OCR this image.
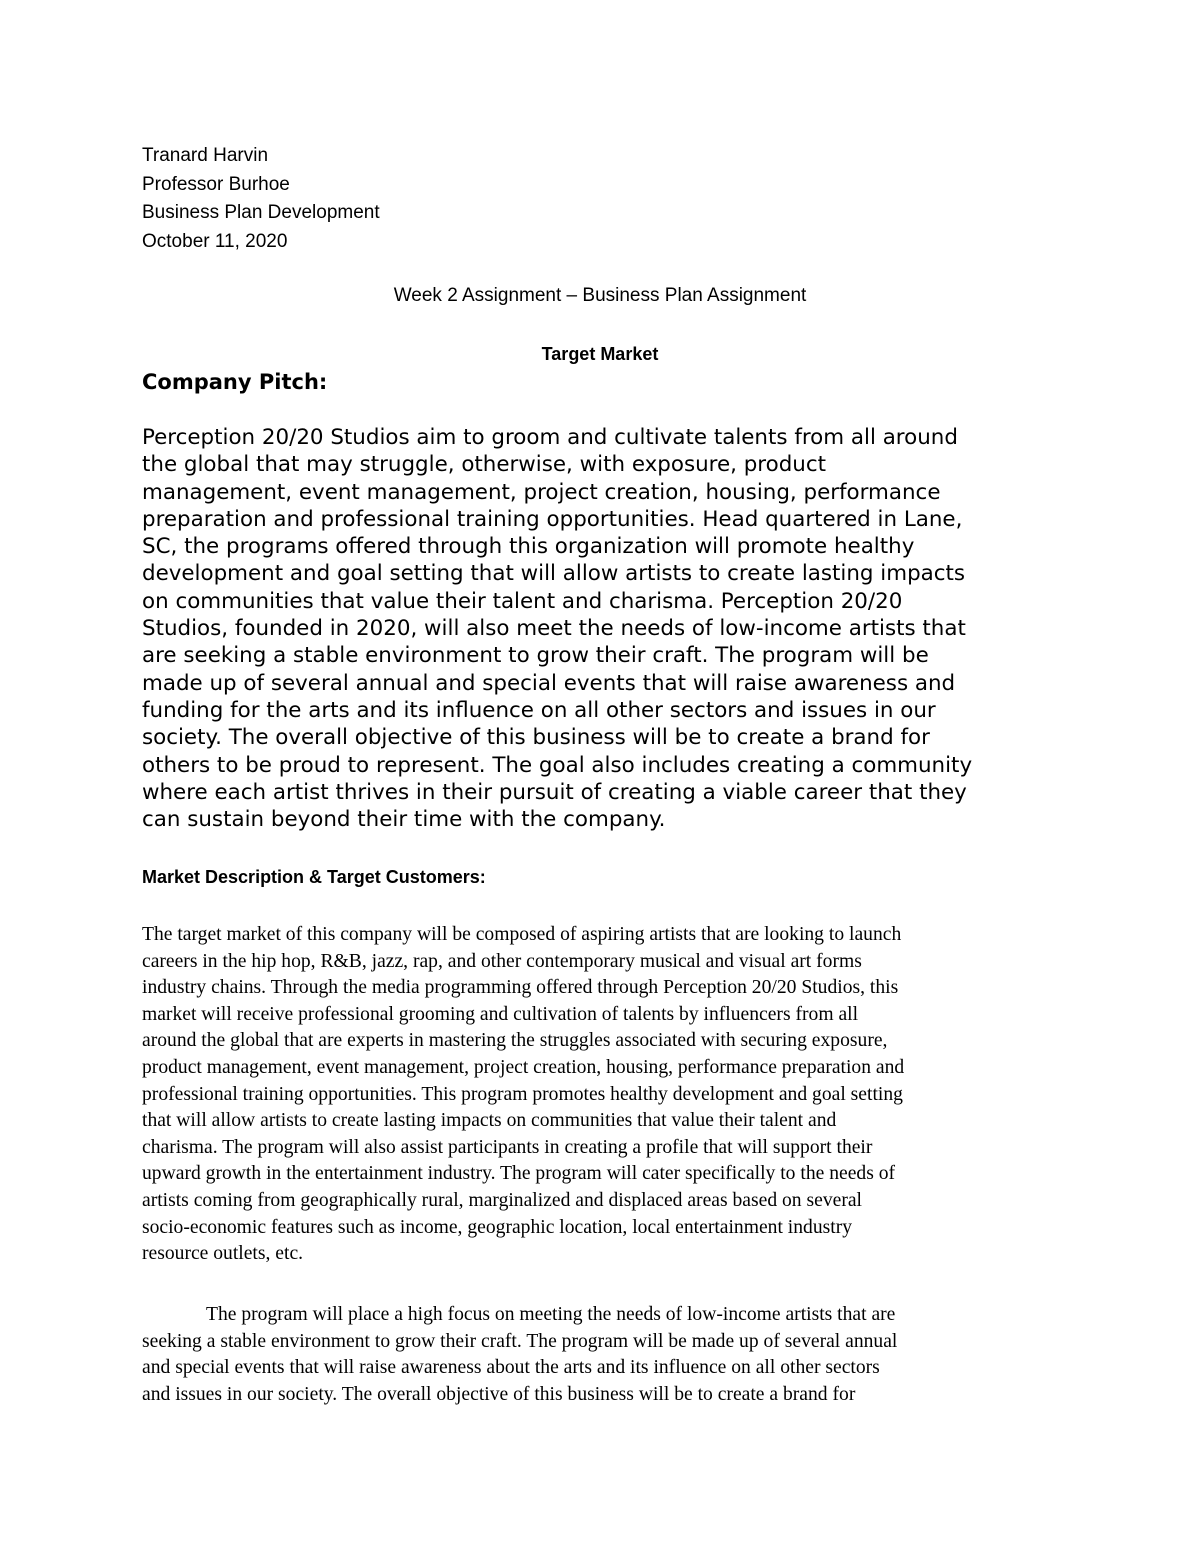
Tranard Harvin
Professor Burhoe
Business Plan Development
October 11, 2020
Week 2 Assignment – Business Plan Assignment
Target Market
Company Pitch:
Perception 20/20 Studios aim to groom and cultivate talents from all around
the global that may struggle, otherwise, with exposure, product
management, event management, project creation, housing, performance
preparation and professional training opportunities. Head quartered in Lane,
SC, the programs offered through this organization will promote healthy
development and goal setting that will allow artists to create lasting impacts
on communities that value their talent and charisma. Perception 20/20
Studios, founded in 2020, will also meet the needs of low-income artists that
are seeking a stable environment to grow their craft. The program will be
made up of several annual and special events that will raise awareness and
funding for the arts and its influence on all other sectors and issues in our
society. The overall objective of this business will be to create a brand for
others to be proud to represent. The goal also includes creating a community
where each artist thrives in their pursuit of creating a viable career that they
can sustain beyond their time with the company.
Market Description & Target Customers:
The target market of this company will be composed of aspiring artists that are looking to launch
careers in the hip hop, R&B, jazz, rap, and other contemporary musical and visual art forms
industry chains. Through the media programming offered through Perception 20/20 Studios, this
market will receive professional grooming and cultivation of talents by influencers from all
around the global that are experts in mastering the struggles associated with securing exposure,
product management, event management, project creation, housing, performance preparation and
professional training opportunities. This program promotes healthy development and goal setting
that will allow artists to create lasting impacts on communities that value their talent and
charisma. The program will also assist participants in creating a profile that will support their
upward growth in the entertainment industry. The program will cater specifically to the needs of
artists coming from geographically rural, marginalized and displaced areas based on several
socio-economic features such as income, geographic location, local entertainment industry
resource outlets, etc.
The program will place a high focus on meeting the needs of low-income artists that are
seeking a stable environment to grow their craft. The program will be made up of several annual
and special events that will raise awareness about the arts and its influence on all other sectors
and issues in our society. The overall objective of this business will be to create a brand for
